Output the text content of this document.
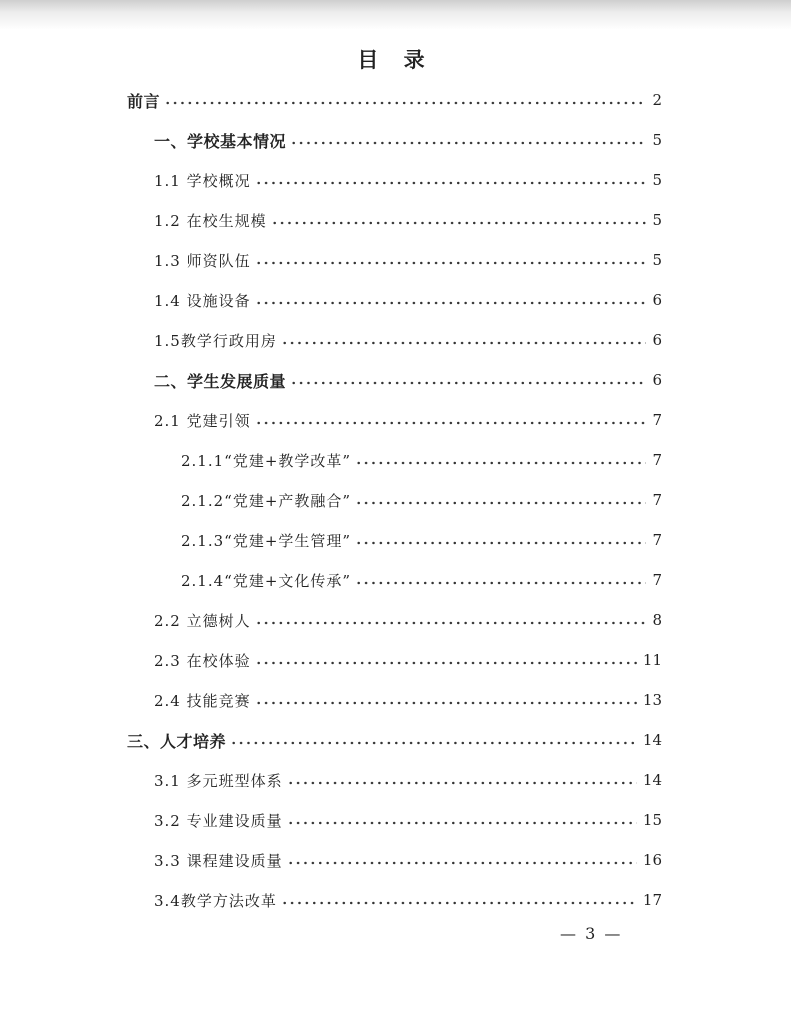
目 录
前言	2
一、学校基本情况	5
1.1 学校概况	5
1.2 在校生规模	5
1.3 师资队伍	5
1.4 设施设备	6
1.5教学行政用房	6
二、学生发展质量	6
2.1 党建引领	7
2.1.1“党建+教学改革”	7
2.1.2“党建+产教融合”	7
2.1.3“党建+学生管理”	7
2.1.4“党建+文化传承”	7
2.2 立德树人	8
2.3 在校体验	11
2.4 技能竞赛	13
三、人才培养	14
3.1 多元班型体系	14
3.2 专业建设质量	15
3.3 课程建设质量	16
3.4教学方法改革	17
— 3 —
